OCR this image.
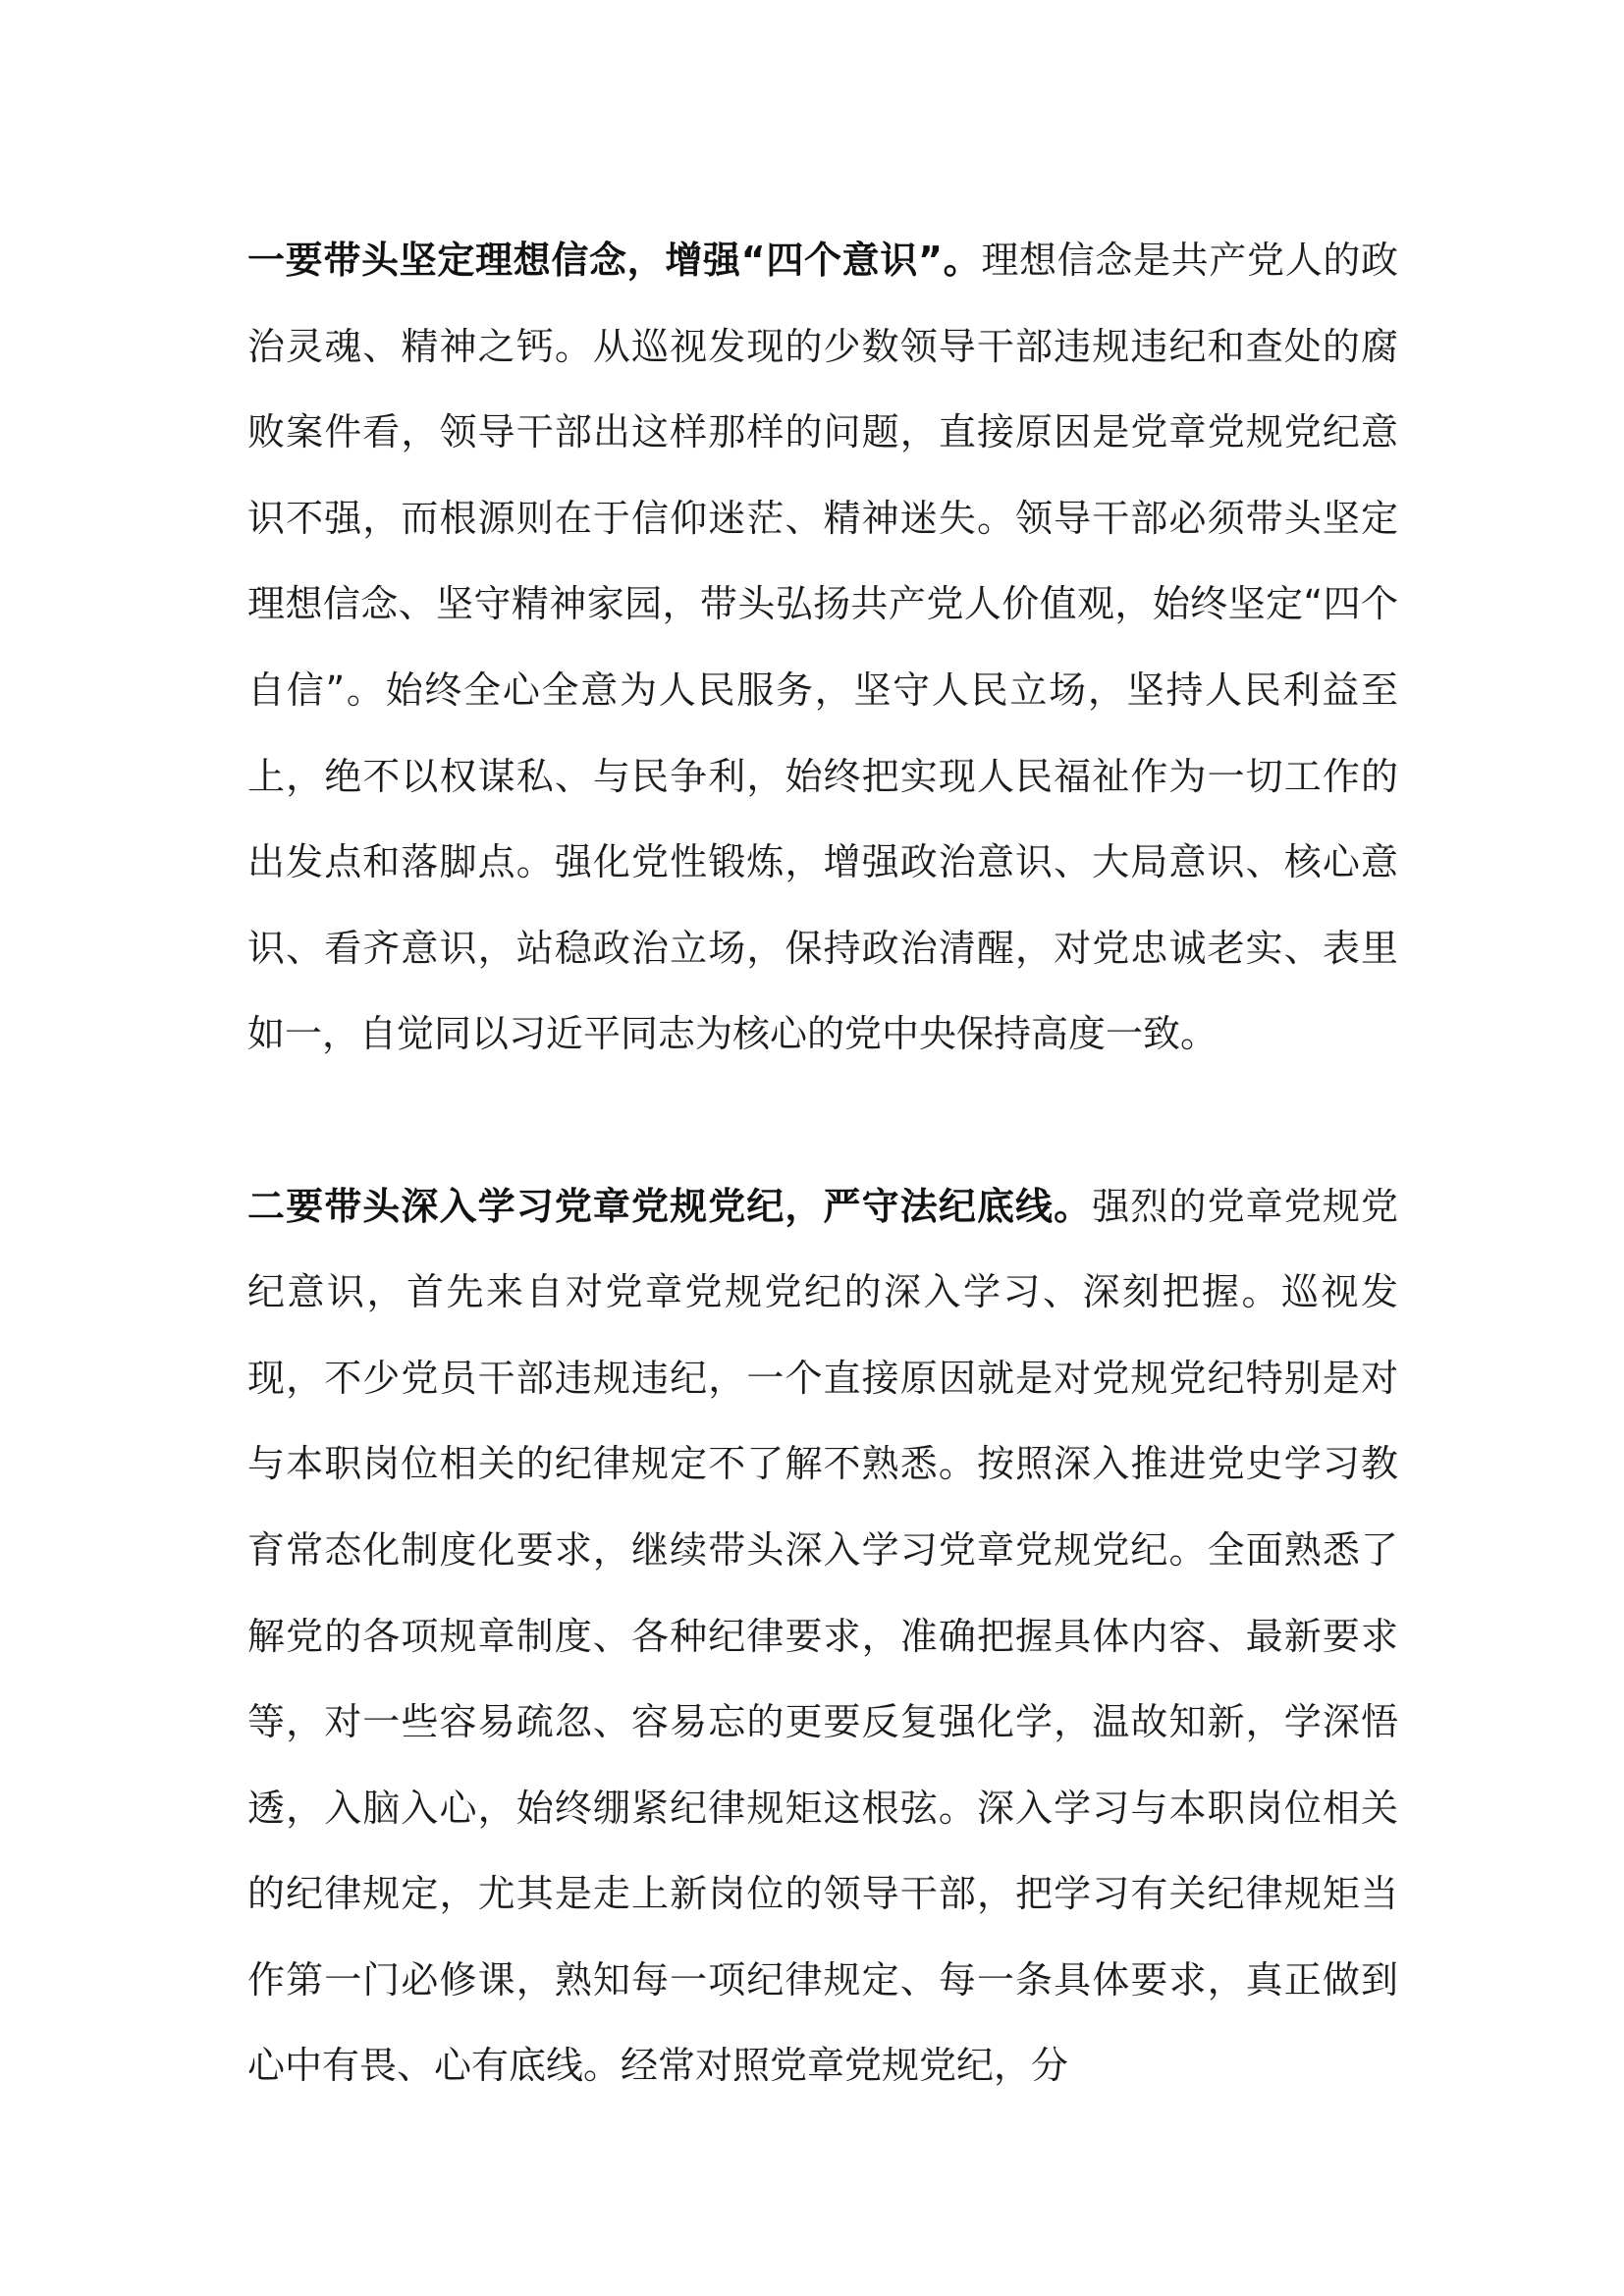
一要带头坚定理想信念，增强“四个意识”。理想信念是共产党人的政治灵魂、精神之钙。从巡视发现的少数领导干部违规违纪和查处的腐败案件看，领导干部出这样那样的问题，直接原因是党章党规党纪意识不强，而根源则在于信仰迷茫、精神迷失。领导干部必须带头坚定理想信念、坚守精神家园，带头弘扬共产党人价值观，始终坚定“四个自信”。始终全心全意为人民服务，坚守人民立场，坚持人民利益至上，绝不以权谋私、与民争利，始终把实现人民福祉作为一切工作的出发点和落脚点。强化党性锻炼，增强政治意识、大局意识、核心意识、看齐意识，站稳政治立场，保持政治清醒，对党忠诚老实、表里如一，自觉同以习近平同志为核心的党中央保持高度一致。

二要带头深入学习党章党规党纪，严守法纪底线。强烈的党章党规党纪意识，首先来自对党章党规党纪的深入学习、深刻把握。巡视发现，不少党员干部违规违纪，一个直接原因就是对党规党纪特别是对与本职岗位相关的纪律规定不了解不熟悉。按照深入推进党史学习教育常态化制度化要求，继续带头深入学习党章党规党纪。全面熟悉了解党的各项规章制度、各种纪律要求，准确把握具体内容、最新要求等，对一些容易疏忽、容易忘的更要反复强化学，温故知新，学深悟透，入脑入心，始终绷紧纪律规矩这根弦。深入学习与本职岗位相关的纪律规定，尤其是走上新岗位的领导干部，把学习有关纪律规矩当作第一门必修课，熟知每一项纪律规定、每一条具体要求，真正做到心中有畏、心有底线。经常对照党章党规党纪，分
